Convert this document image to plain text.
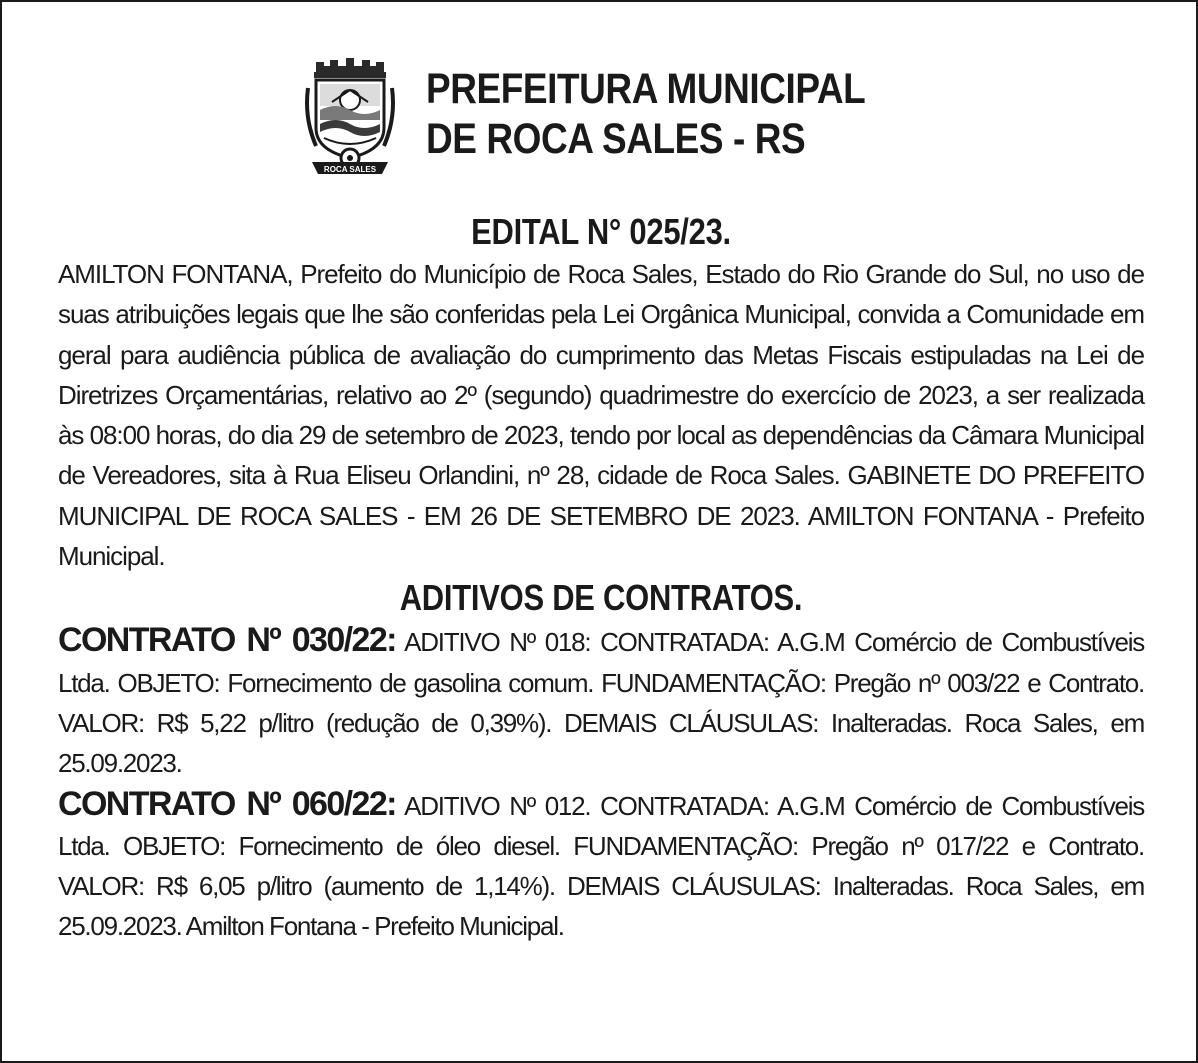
ROCA SALES
PREFEITURA MUNICIPAL
DE ROCA SALES - RS
EDITAL N° 025/23.
AMILTON FONTANA, Prefeito do Município de Roca Sales, Estado do Rio Grande do Sul, no uso de suas atribuições legais que lhe são conferidas pela Lei Orgânica Municipal, convida a Comunidade em geral para audiência pública de avaliação do cumprimento das Metas Fiscais estipuladas na Lei de Diretrizes Orçamentárias, relativo ao 2º (segundo) quadrimestre do exercício de 2023, a ser realizada às 08:00 horas, do dia 29 de setembro de 2023, tendo por local as dependências da Câmara Municipal de Vereadores, sita à Rua Eliseu Orlandini, nº 28, cidade de Roca Sales. GABINETE DO PREFEITO MUNICIPAL DE ROCA SALES - EM 26 DE SETEMBRO DE 2023. AMILTON FONTANA - Prefeito Municipal.
ADITIVOS DE CONTRATOS.
CONTRATO Nº 030/22: ADITIVO Nº 018: CONTRATADA: A.G.M Comércio de Combustíveis Ltda. OBJETO: Fornecimento de gasolina comum. FUNDAMENTAÇÃO: Pregão nº 003/22 e Contrato. VALOR: R$ 5,22 p/litro (redução de 0,39%). DEMAIS CLÁUSULAS: Inalteradas. Roca Sales, em 25.09.2023.
CONTRATO Nº 060/22: ADITIVO Nº 012. CONTRATADA: A.G.M Comércio de Combustíveis Ltda. OBJETO: Fornecimento de óleo diesel. FUNDAMENTAÇÃO: Pregão nº 017/22 e Contrato. VALOR: R$ 6,05 p/litro (aumento de 1,14%). DEMAIS CLÁUSULAS: Inalteradas. Roca Sales, em 25.09.2023. Amilton Fontana - Prefeito Municipal.
